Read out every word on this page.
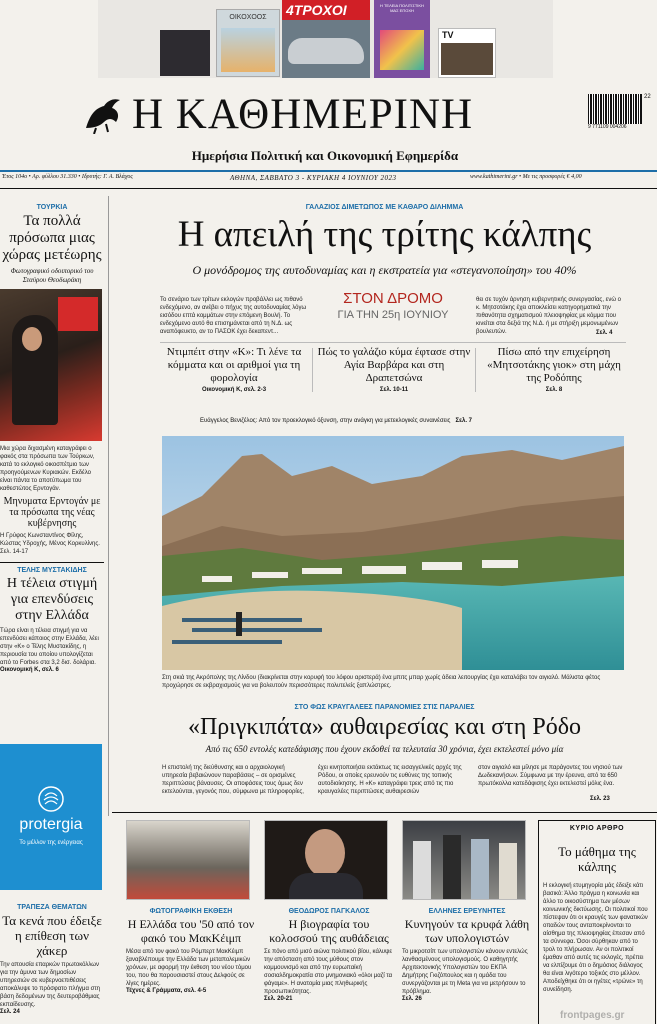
ΟΙΚΟΧΟΟΣ	4ΤΡΟΧΟΙ	Η ΤΕΛΕΙΑ ΠΟΛΙΤΙΣΤΙΚΗ ΜΑΣ ΕΠΟΧΗ
TV
Η ΚΑΘΗΜΕΡΙΝΗ
Ημερήσια Πολιτική και Οικονομική Εφημερίδα
9 771109 004206
22
Έτος 104ο • Αρ. φύλλου 31.330 • Ιδρυτής: Γ. Α. Βλάχος	ΑΘΗΝΑ, ΣΑΒΒΑΤΟ 3 - ΚΥΡΙΑΚΗ 4 ΙΟΥΝΙΟΥ 2023	www.kathimerini.gr • Με τις προσφορές € 4,00
ΤΟΥΡΚΙΑ
Τα πολλά πρόσωπα μιας χώρας μετέωρης
Φωτογραφικό οδοιπορικό του Σταύρου Θεοδωράκη
Μια χώρα διχασμένη καταγράφει ο φακός στα πρόσωπα των Τούρκων, κατά το εκλογικό οικοσπέτμιο των προηγούμενων Κυριακών. Εκδέλο είναι πάντα το αποτύπωμα του καθεστώτος Ερντογάν.
Μηνυματα Ερντογάν με τα πρόσωπα της νέας κυβέρνησης
Η Γρύφος Κωνσταντίνος Φίλης, Κώστας Υδροχής, Μένος Κορκυλίνης. Σελ. 14-17
ΤΕΛΗΣ ΜΥΣΤΑΚΙΔΗΣ
Η τέλεια στιγμή για επενδύσεις στην Ελλάδα
Τώρα είναι η τέλεια στιγμή για να επενδύσει κάποιος στην Ελλάδα, λέει στην «Κ» ο Τέλης Μυστακίδης, η περιουσία του οποίου υπολογίζεται από το Forbes στα 3,2 δισ. δολάρια.
Οικονομική Κ, σελ. 6
protergia
Το μέλλον της ενέργειας
ΤΡΑΠΕΖΑ ΘΕΜΑΤΩΝ
Τα κενά που έδειξε η επίθεση των χάκερ
Την απουσία επαρκών πρωτοκόλλων για την άμυνα των δημοσίων υπηρεσιών σε κυβερνοεπιθέσεις αποκάλυψε το πρόσφατο πλήγμα στη βάση δεδομένων της δευτεροβάθμιας εκπαίδευσης.
Σελ. 24
ΓΑΛΑΖΙΟΣ ΔΙΜΕΤΩΠΟΣ ΜΕ ΚΑΘΑΡΟ ΔΙΛΗΜΜΑ
Η απειλή της τρίτης κάλπης
Ο μονόδρομος της αυτοδυναμίας και η εκστρατεία για «στεγανοποίηση» του 40%
Το σενάριο των τρίτων εκλογών προβάλλει ως πιθανό ενδεχόμενο, αν ανέβει ο πήχυς της αυτοδυναμίας λόγω εισόδου επτά κομμάτων στην επόμενη Βουλή. Το ενδεχόμενο αυτό θα επισημάνεται από τη Ν.Δ. ως αναπόφευκτο, αν το ΠΑΣΟΚ έχει δεκαπεντ...
ΣΤΟΝ ΔΡΟΜΟ
ΓΙΑ ΤΗΝ 25η ΙΟΥΝΙΟΥ
θει σε τυχόν άρνηση κυβερνητικής συνεργασίας, ενώ ο κ. Μητσοτάκης έχει αποκλείσει κατηγορηματικά την πιθανότητα σχηματισμού πλειοψηφίας με κόμμα που κινείται στα δεξιά της Ν.Δ. ή με στήριξη μεμονωμένων βουλευτών.	Σελ. 4
Ντιμπέιτ στην «Κ»: Τι λένε τα κόμματα και οι αριθμοί για τη φορολογία
Οικονομική Κ, σελ. 2-3
Πώς το γαλάζιο κύμα έφτασε στην Αγία Βαρβάρα και στη Δραπετσώνα
Σελ. 10-11
Πίσω από την επιχείρηση «Μητσοτάκης γιοκ» στη μάχη της Ροδόπης
Σελ. 8
Ευάγγελος Βενιζέλος: Από τον προεκλογικό όξυνση, στην ανάγκη για μετεκλογικές συναινέσεις Σελ. 7
Στη σκιά της Ακρόπολης της Λίνδου (διακρίνεται στην κορυφή του λόφου αριστερά) ένα μπιτς μπαρ χωρίς άδεια λειτουργίας έχει καταλάβει τον αιγιαλό. Μάλιστα φέτος προχώρησε σε εκβραχισμούς για να βολευτούν περισσότερες πολυτελείς ξαπλώστρες.
ΣΤΟ ΦΩΣ ΚΡΑΥΓΑΛΕΕΣ ΠΑΡΑΝΟΜΙΕΣ ΣΤΙΣ ΠΑΡΑΛΙΕΣ
«Πριγκιπάτα» αυθαιρεσίας και στη Ρόδο
Από τις 650 εντολές κατεδάφισης που έχουν εκδοθεί τα τελευταία 30 χρόνια, έχει εκτελεστεί μόνο μία
Η επιστολή της διεύθυνσης και ο αρχαιολογική υπηρεσία βεβαιώνουν παραβάσεις – σε ορισμένες περιπτώσεις βάναυσες. Οι αποφάσεις τους όμως δεν εκτελούνται, γεγονός που, σύμφωνα με πληροφορίες,
έχει κινητοποιήσει εκτάκτως τις εισαγγελικές αρχές της Ρόδου, οι οποίες ερευνούν τις ευθύνες της τοπικής αυτοδιοίκησης. Η «Κ» καταγράφει τρεις από τις πιο κραυγαλέες περιπτώσεις αυθαιρεσιών
στον αιγιαλό και μίλησε με παράγοντες του νησιού των Δωδεκανήσων. Σύμφωνα με την έρευνα, από τα 650 πρωτόκολλα κατεδάφισης έχει εκτελεστεί μόλις ένα.
Σελ. 23
ΦΩΤΟΓΡΑΦΙΚΗ ΕΚΘΕΣΗ
Η Ελλάδα του '50 από τον φακό του ΜακΚέιμπ
Μέσα από τον φακό του Ρόμπερτ ΜακΚέιμπ ξαναβλέπουμε την Ελλάδα των μεταπολεμικών χρόνων, με αφορμή την έκθεση του νέου τόμου του, που θα παρουσιαστεί στους Δελφούς σε λίγες ημέρες.
Τέχνες & Γράμματα, σελ. 4-5
ΘΕΟΔΩΡΟΣ ΠΑΓΚΑΛΟΣ
Η βιογραφία του κολοσσού της αυθάδειας
Σε πόνο από μισό αιώνα πολιτικού βίου, κάλυψε την απόσταση από τους μύθους στον κομμουνισμό και από την ευρωπαϊκή σοσιαλδημοκρατία στο μνημονιακό «όλοι μαζί τα φάγαμε». Η ανατομία μιας πληθωρικής προσωπικότητας.
Σελ. 20-21
ΕΛΛΗΝΕΣ ΕΡΕΥΝΗΤΕΣ
Κυνηγούν τα κρυφά λάθη των υπολογιστών
Το μικροτσίπ των υπολογιστών κάνουν εντελώς λανθασμένους υπολογισμούς. Ο καθηγητής Αρχιτεκτονικής Υπολογιστών του ΕΚΠΑ Δημήτρης Γκιζόπουλος και η ομάδα του συνεργάζονται με τη Meta για να μετρήσουν το πρόβλημα.
Σελ. 26
ΚΥΡΙΟ ΑΡΘΡΟ
Το μάθημα της κάλπης
Η εκλογική ετυμηγορία μάς έδειξε κάτι βασικό: Άλλο πράγμα η κοινωνία και άλλο το οικοσύστημα των μέσων κοινωνικής δικτύωσης. Οι πολιτικοί που πίστεψαν ότι οι κραυγές των φανατικών οπαδών τους ανταποκρίνονται το αίσθημα της πλειοψηφίας έπεσαν από τα σύννεφα. Όσοι σύρθηκαν από το τρολ το πλήρωσαν. Αν οι πολιτικοί έμαθαν από αυτές τις εκλογές, πρέπει να ελπίζουμε ότι ο δημόσιος διάλογος θα είναι λιγότερο τοξικός στο μέλλον. Αποδείχθηκε ότι οι ηγέτες «τρώνε» τη συνείδηση.
frontpages.gr
